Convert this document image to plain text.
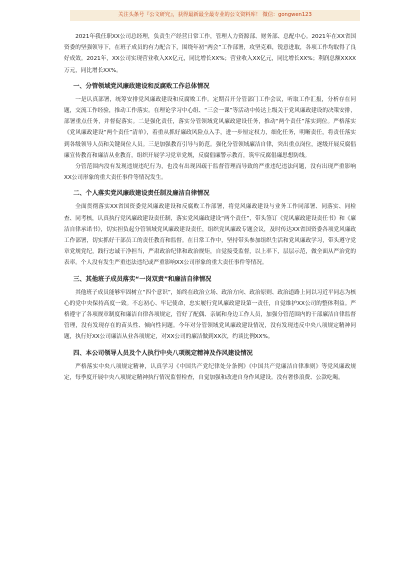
关注头条号『公文研究』，获得最新最全最专业的公文资料库！ 微信：gongwen123

2021年我任职XX公司总经理，负责生产经营日常工作，管理人力资源部、财务部、总配中心。2021年在XX省国资委的坚强领导下，在班子成员的有力配合下，围绕年初“两会”工作部署，攻坚克难，锐意进取，各项工作均取得了良好成效。2021年，XX公司实现营业收入XX亿元，同比增长XX%；营业收入XX亿元，同比增长XX%；利润总额XXXX万元，同比增长XX%。

一、分管领域党风廉政建设和反腐败工作总体情况

一是认真部署，统筹安排党风廉政建设和反腐败工作。定期召开分管部门工作会议，听取工作汇报，分析存在问题，交流工作经验，推动工作落实。在理论学习中心组、“三会一课”等活动中传达上级关于党风廉政建设的决策安排，部署重点任务，并督促落实。二是强化责任，落实分管领域党风廉政建设任务，推动“两个责任”落实到位。严格落实《党风廉政建设“两个责任”清单》，着重从抓好廉政风险点入手，进一步厘定权力，细化任务，明晰责任，将责任落实到各级领导人员和关键岗位人员。三是加强教育引导与防范。强化分管领域廉洁自律，突出重点岗位，逐级开展反腐倡廉宣传教育和廉洁从业教育，组织开展学习党章党规，反腐倡廉警示教育，筑牢反腐倡廉思想防线。

分管范围内没有发现违规违纪行为，也没有出现因疏于监督管理而导致的严重违纪违法问题，没有出现严重影响XX公司形象的重大责任事件等情况发生。

二、个人落实党风廉政建设责任制及廉洁自律情况

全面贯彻落实XX省国资委党风廉政建设和反腐败工作部署，将党风廉政建设与业务工作同部署、同落实、同检查、同考核，认真执行党风廉政建设责任制，落实党风廉政建设“两个责任”，带头签订《党风廉政建设责任书》和《廉洁自律承诺书》，切实担负起分管领域党风廉政建设责任，组织党风廉政专题会议，及时传达XX省国资委各项党风廉政工作部署，切实抓好干部员工的责任教育和监督。在日常工作中，坚持带头参加组织生活和党风廉政学习，带头遵守党章党规党纪，践行忠诚干净担当，严肃政治纪律和政治规矩，自觉接受监督，以上率下，层层示范，做全面从严治党的表率。个人没有发生严重违法违纪或严重影响XX公司形象的重大责任事件等情况。

三、其他班子成员落实“一岗双责”和廉洁自律情况

其他班子成员能够牢固树立“四个意识”，始终在政治立场、政治方向、政治原则、政治道路上同以习近平同志为核心的党中央保持高度一致。不忘初心、牢记使命，忠实履行党风廉政建设第一责任，自觉维护XX公司的整体利益。严格遵守了各项规章制度和廉洁自律各项规定，管好了配偶、亲属和身边工作人员，加强分管范围内的干部廉洁自律监督管理，没有发现存在的苗头性、倾向性问题。今年对分管领域党风廉政建设情况，没有发现违反中央八项规定精神问题，执行好XX公司廉洁从业各项规定，对XX公司的廉洁做到XX次，约谈比例XX%。

四、本公司领导人员及个人执行中央八项规定精神及作风建设情况

严格落实中央八项规定精神，认真学习《中国共产党纪律处分条例》《中国共产党廉洁自律准则》等党风廉政规定，每季度开展中央八项规定精神执行情况监督检查，自觉加强和改进自身作风建设。没有奢侈浪费、公款吃喝。
